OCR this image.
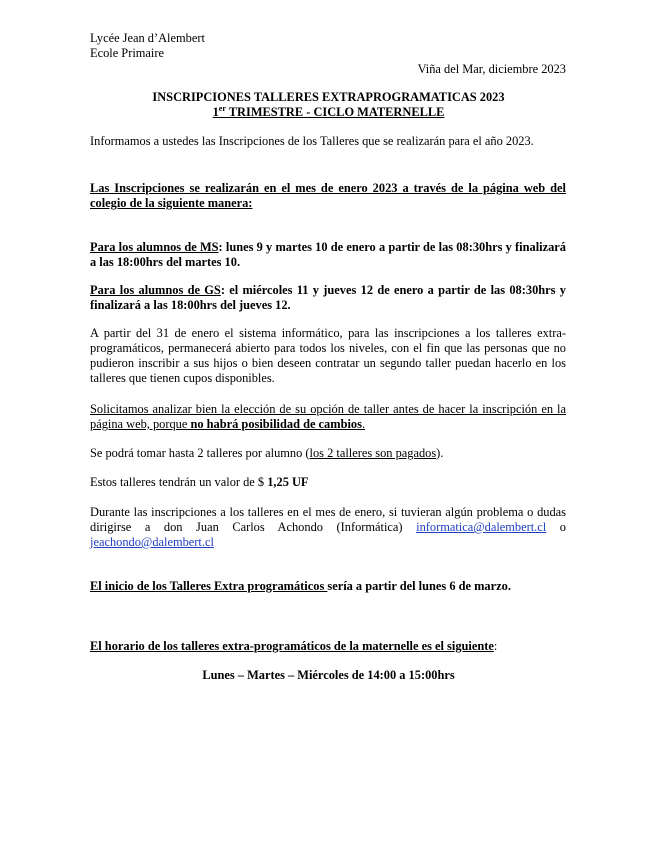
Lycée Jean d’Alembert

Ecole Primaire

Viña del Mar, diciembre 2023

INSCRIPCIONES TALLERES EXTRAPROGRAMATICAS 2023

1er TRIMESTRE - CICLO MATERNELLE

Informamos a ustedes las Inscripciones de los Talleres que se realizarán para el año 2023.

Las Inscripciones se realizarán en el mes de enero 2023 a través de la página web del colegio de la siguiente manera:

Para los alumnos de MS: lunes 9 y martes 10 de enero a partir de las 08:30hrs y finalizará a las 18:00hrs del martes 10.

Para los alumnos de GS: el miércoles 11 y jueves 12 de enero a partir de las 08:30hrs y finalizará a las 18:00hrs del jueves 12.

A partir del 31 de enero el sistema informático, para las inscripciones a los talleres extra-programáticos, permanecerá abierto para todos los niveles, con el fin que las personas que no pudieron inscribir a sus hijos o bien deseen contratar un segundo taller puedan hacerlo en los talleres que tienen cupos disponibles.

Solicitamos analizar bien la elección de su opción de taller antes de hacer la inscripción en la página web, porque no habrá posibilidad de cambios.

Se podrá tomar hasta 2 talleres por alumno (los 2 talleres son pagados).

Estos talleres tendrán un valor de $ 1,25 UF

Durante las inscripciones a los talleres en el mes de enero, si tuvieran algún problema o dudas dirigirse a don Juan Carlos Achondo (Informática) informatica@dalembert.cl o jeachondo@dalembert.cl

El inicio de los Talleres Extra programáticos sería a partir del lunes 6 de marzo.

El horario de los talleres extra-programáticos de la maternelle es el siguiente:

Lunes – Martes – Miércoles de 14:00 a 15:00hrs
